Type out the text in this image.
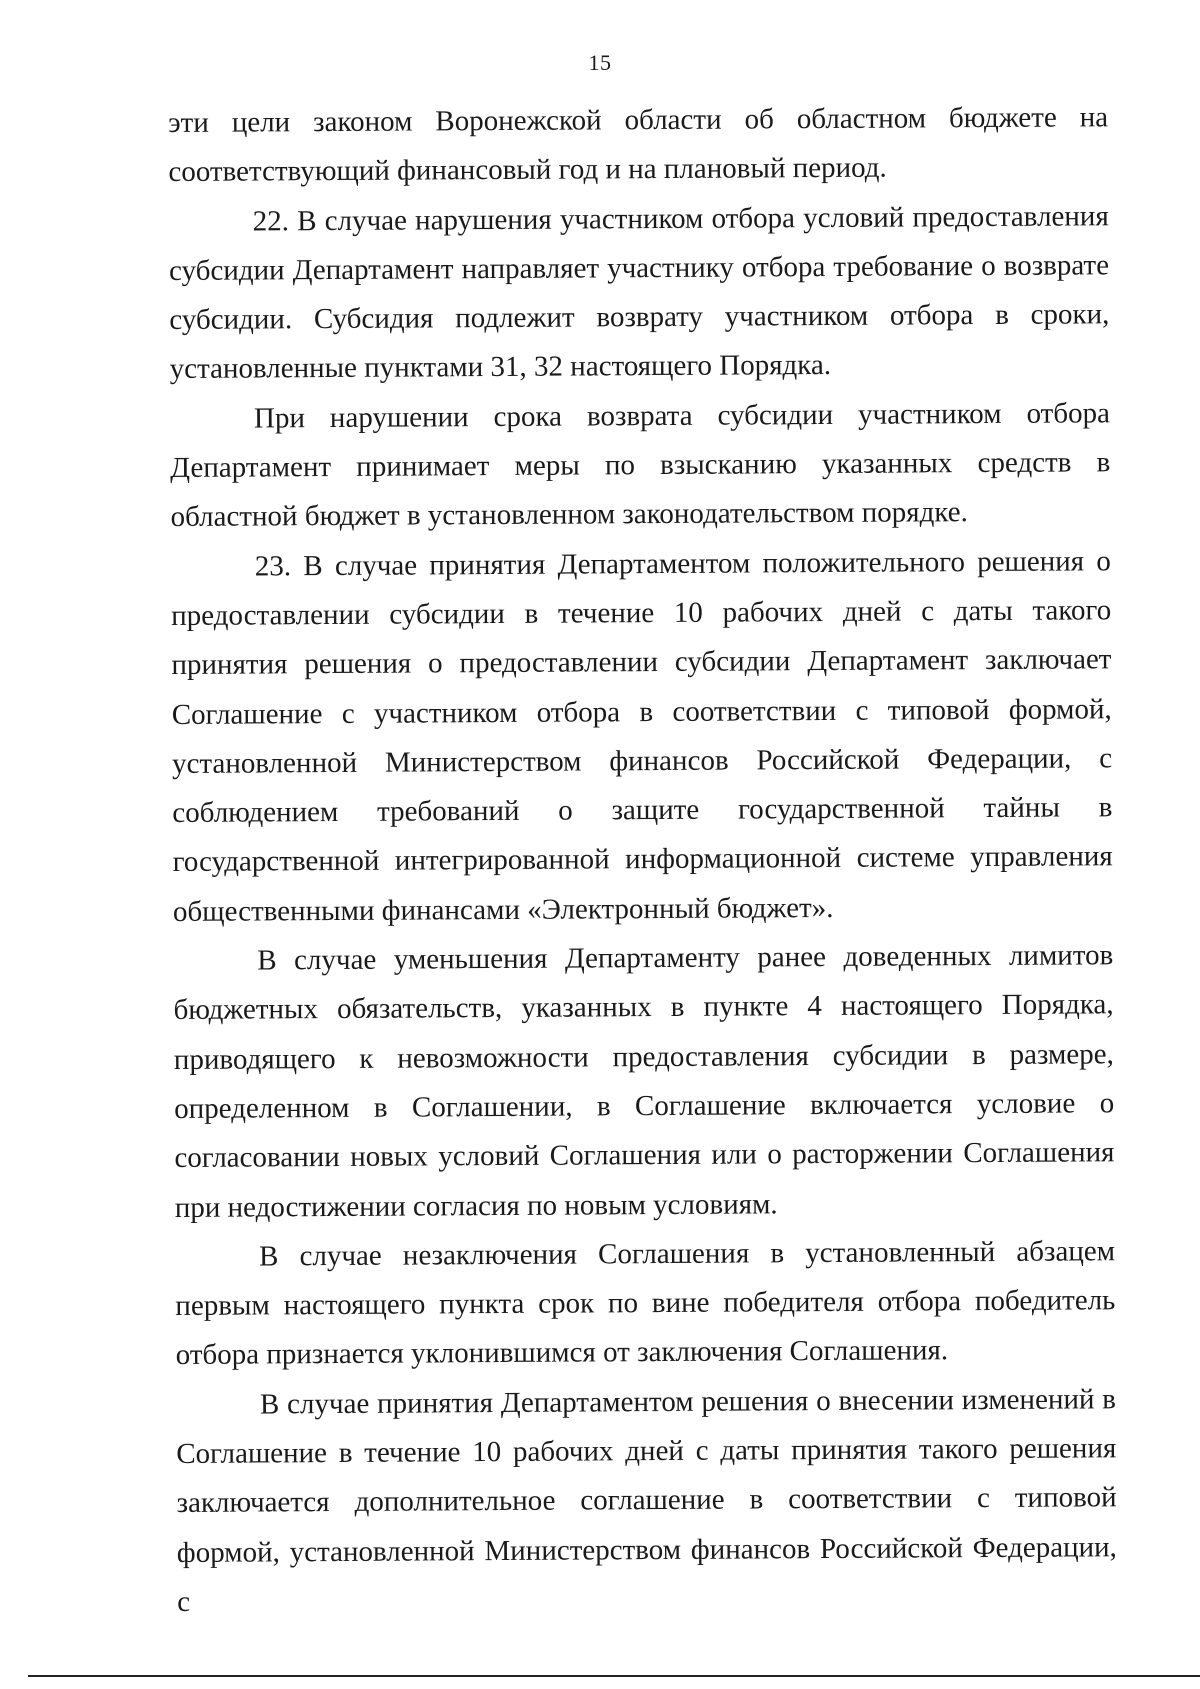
15

эти цели законом Воронежской области об областном бюджете на соответствующий финансовый год и на плановый период.

22. В случае нарушения участником отбора условий предоставления субсидии Департамент направляет участнику отбора требование о возврате субсидии. Субсидия подлежит возврату участником отбора в сроки, установленные пунктами 31, 32 настоящего Порядка.

При нарушении срока возврата субсидии участником отбора Департамент принимает меры по взысканию указанных средств в областной бюджет в установленном законодательством порядке.

23. В случае принятия Департаментом положительного решения о предоставлении субсидии в течение 10 рабочих дней с даты такого принятия решения о предоставлении субсидии Департамент заключает Соглашение с участником отбора в соответствии с типовой формой, установленной Министерством финансов Российской Федерации, с соблюдением требований о защите государственной тайны в государственной интегрированной информационной системе управления общественными финансами «Электронный бюджет».

В случае уменьшения Департаменту ранее доведенных лимитов бюджетных обязательств, указанных в пункте 4 настоящего Порядка, приводящего к невозможности предоставления субсидии в размере, определенном в Соглашении, в Соглашение включается условие о согласовании новых условий Соглашения или о расторжении Соглашения при недостижении согласия по новым условиям.

В случае незаключения Соглашения в установленный абзацем первым настоящего пункта срок по вине победителя отбора победитель отбора признается уклонившимся от заключения Соглашения.

В случае принятия Департаментом решения о внесении изменений в Соглашение в течение 10 рабочих дней с даты принятия такого решения заключается дополнительное соглашение в соответствии с типовой формой, установленной Министерством финансов Российской Федерации, с
